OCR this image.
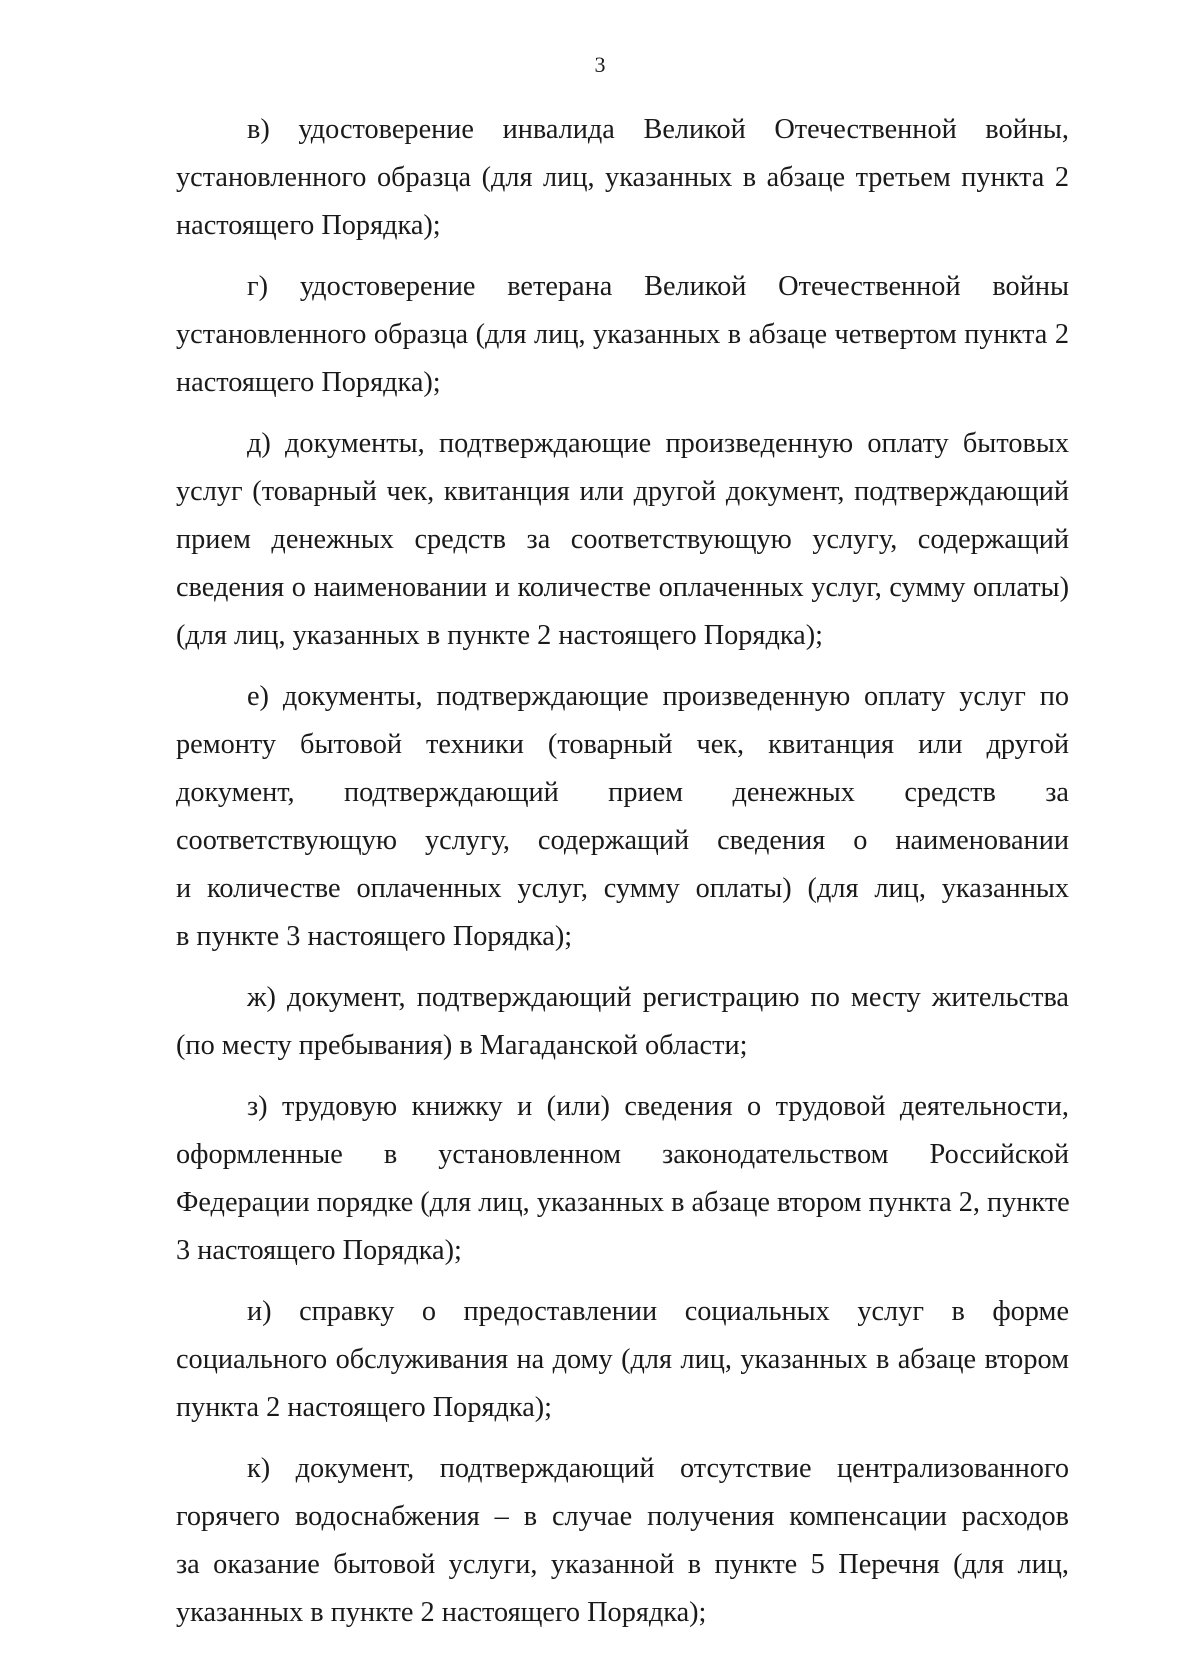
3

в) удостоверение инвалида Великой Отечественной войны,
установленного образца (для лиц, указанных в абзаце третьем пункта 2
настоящего Порядка);

г) удостоверение ветерана Великой Отечественной войны
установленного образца (для лиц, указанных в абзаце четвертом пункта 2
настоящего Порядка);

д) документы, подтверждающие произведенную оплату бытовых
услуг (товарный чек, квитанция или другой документ, подтверждающий
прием денежных средств за соответствующую услугу, содержащий
сведения о наименовании и количестве оплаченных услуг, сумму оплаты)
(для лиц, указанных в пункте 2 настоящего Порядка);

е) документы, подтверждающие произведенную оплату услуг по
ремонту бытовой техники (товарный чек, квитанция или другой
документ, подтверждающий прием денежных средств за
соответствующую услугу, содержащий сведения о наименовании
и количестве оплаченных услуг, сумму оплаты) (для лиц, указанных
в пункте 3 настоящего Порядка);

ж) документ, подтверждающий регистрацию по месту жительства
(по месту пребывания) в Магаданской области;

з) трудовую книжку и (или) сведения о трудовой деятельности,
оформленные в установленном законодательством Российской
Федерации порядке (для лиц, указанных в абзаце втором пункта 2, пункте
3 настоящего Порядка);

и) справку о предоставлении социальных услуг в форме
социального обслуживания на дому (для лиц, указанных в абзаце втором
пункта 2 настоящего Порядка);

к) документ, подтверждающий отсутствие централизованного
горячего водоснабжения – в случае получения компенсации расходов
за оказание бытовой услуги, указанной в пункте 5 Перечня (для лиц,
указанных в пункте 2 настоящего Порядка);
